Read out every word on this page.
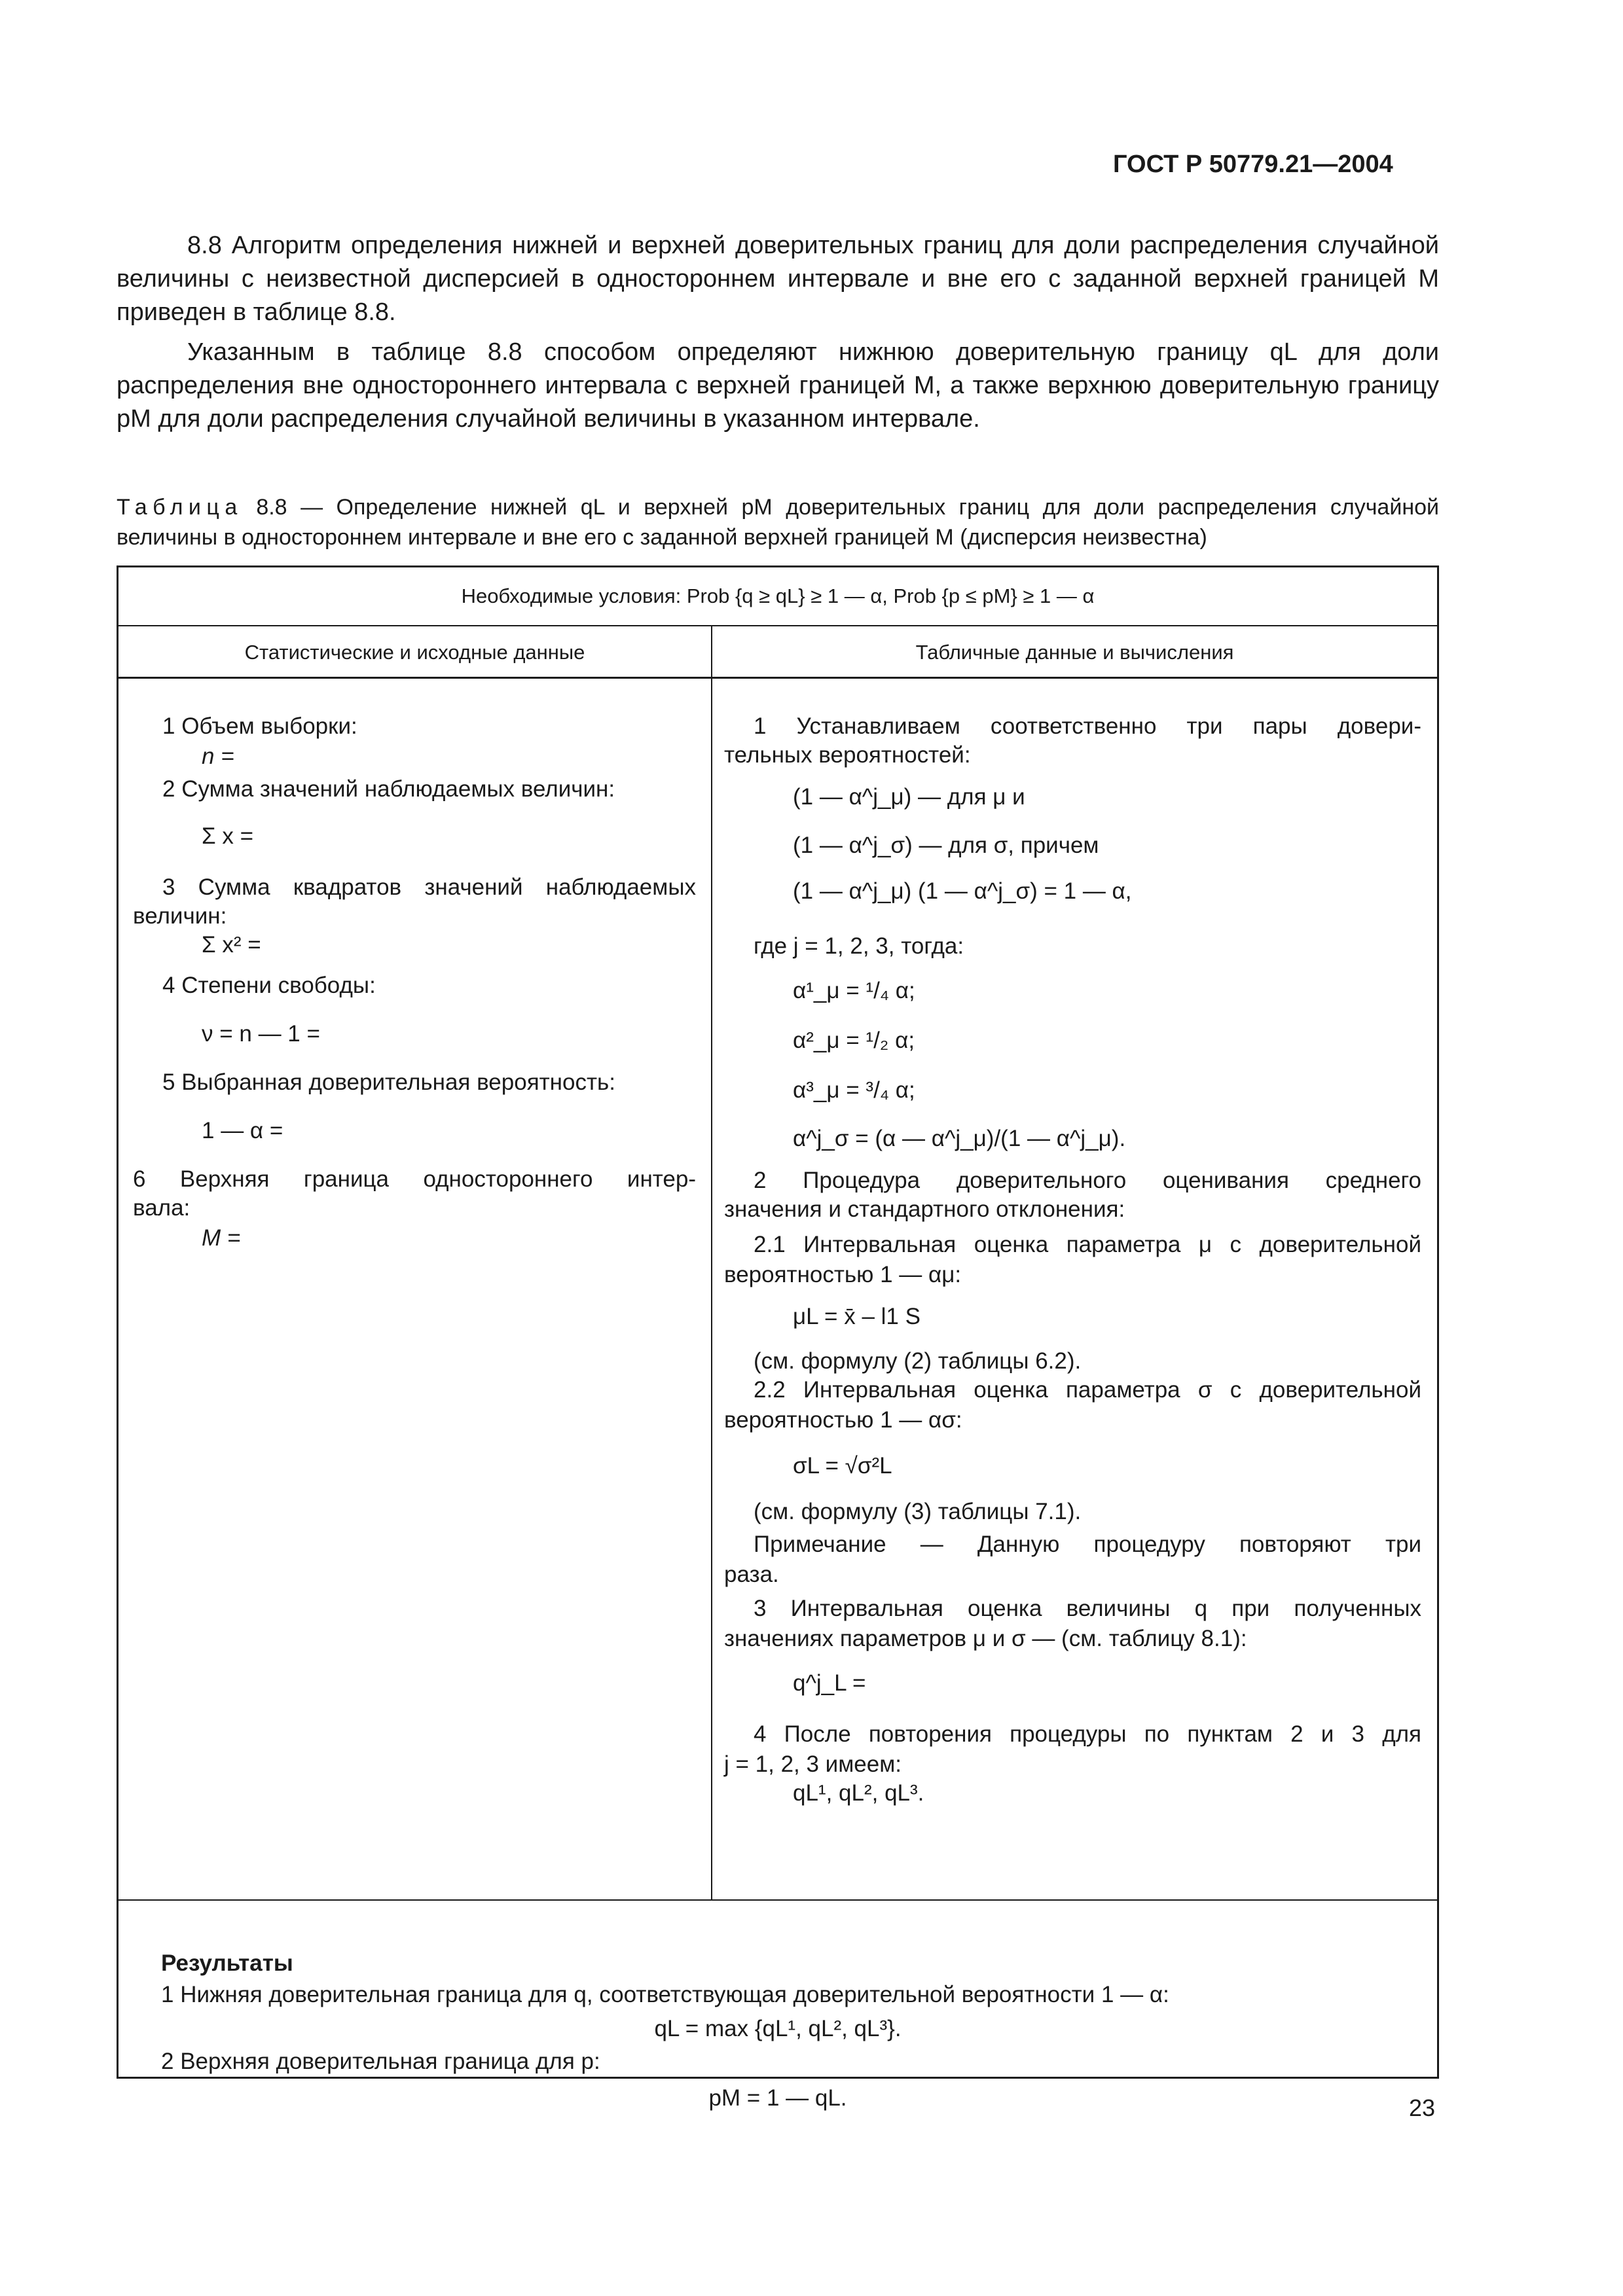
ГОСТ Р 50779.21—2004

8.8 Алгоритм определения нижней и верхней доверительных границ для доли распределения случайной величины с неизвестной дисперсией в одностороннем интервале и вне его с заданной верхней границей М приведен в таблице 8.8.

Указанным в таблице 8.8 способом определяют нижнюю доверительную границу qL для доли распределения вне одностороннего интервала с верхней границей М, а также верхнюю доверительную границу pM для доли распределения случайной величины в указанном интервале.

Таблица 8.8 — Определение нижней qL и верхней pM доверительных границ для доли распределения случайной величины в одностороннем интервале и вне его с заданной верхней границей М (дисперсия неизвестна)
Необходимые условия: Prob {q ≥ qL} ≥ 1 — α, Prob {p ≤ pM} ≥ 1 — α
Статистические и исходные данные	Табличные данные и вычисления
1 Объем выборки:
n =
2 Сумма значений наблюдаемых величин:
Σ x =
3 Сумма квадратов значений наблюдаемых
величин:
Σ x² =
4 Степени свободы:
ν = n — 1 =
5 Выбранная доверительная вероятность:
1 — α =
6 Верхняя граница одностороннего интер-
вала:
M =
1 Устанавливаем соответственно три пары довери-
тельных вероятностей:
(1 — α^j_μ) — для μ и
(1 — α^j_σ) — для σ, причем
(1 — α^j_μ) (1 — α^j_σ) = 1 — α,
где j = 1, 2, 3, тогда:
α¹_μ = ¹/₄ α;
α²_μ = ¹/₂ α;
α³_μ = ³/₄ α;
α^j_σ = (α — α^j_μ)/(1 — α^j_μ).
2 Процедура доверительного оценивания среднего
значения и стандартного отклонения:
2.1 Интервальная оценка параметра μ с доверительной
вероятностью 1 — αμ:
μL = x̄ – l1 S
(см. формулу (2) таблицы 6.2).
2.2 Интервальная оценка параметра σ с доверительной
вероятностью 1 — ασ:
σL = √σ²L
(см. формулу (3) таблицы 7.1).
Примечание — Данную процедуру повторяют три
раза.
3 Интервальная оценка величины q при полученных
значениях параметров μ и σ — (см. таблицу 8.1):
q^j_L =
4 После повторения процедуры по пунктам 2 и 3 для
j = 1, 2, 3 имеем:
qL¹, qL², qL³.
Результаты
1 Нижняя доверительная граница для q, соответствующая доверительной вероятности 1 — α:
qL = max {qL¹, qL², qL³}.
2 Верхняя доверительная граница для p:
pM = 1 — qL.	23
